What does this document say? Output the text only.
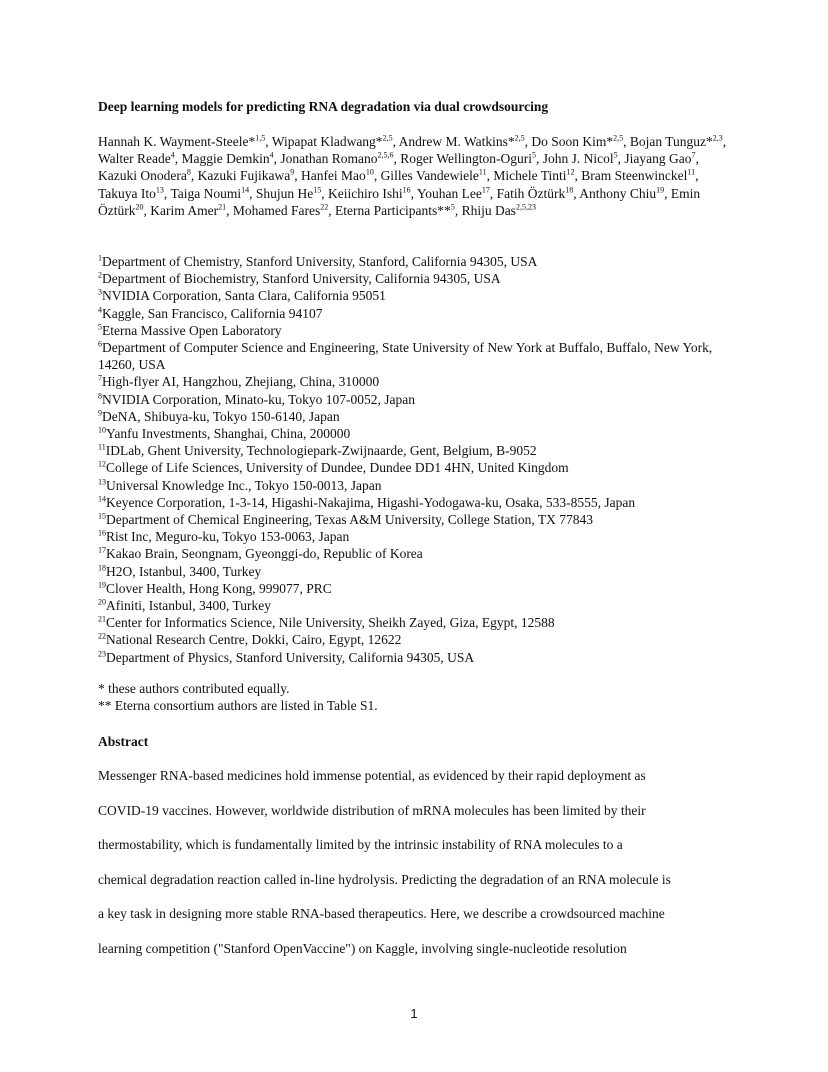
Deep learning models for predicting RNA degradation via dual crowdsourcing
Hannah K. Wayment-Steele*$^{1,5}$, Wipapat Kladwang*$^{2,5}$, Andrew M. Watkins*$^{2,5}$, Do Soon Kim*$^{2,5}$, Bojan Tunguz*$^{2,3}$, Walter Reade$^4$, Maggie Demkin$^4$, Jonathan Romano$^{2,5,6}$, Roger Wellington-Oguri$^5$, John J. Nicol$^5$, Jiayang Gao$^7$, Kazuki Onodera$^8$, Kazuki Fujikawa$^9$, Hanfei Mao$^{10}$, Gilles Vandewiele$^{11}$, Michele Tinti$^{12}$, Bram Steenwinckel$^{11}$, Takuya Ito$^{13}$, Taiga Noumi$^{14}$, Shujun He$^{15}$, Keiichiro Ishi$^{16}$, Youhan Lee$^{17}$, Fatih Öztürk$^{18}$, Anthony Chiu$^{19}$, Emin Öztürk$^{20}$, Karim Amer$^{21}$, Mohamed Fares$^{22}$, Eterna Participants**$^5$, Rhiju Das$^{2,5,23}$
$^1$Department of Chemistry, Stanford University, Stanford, California 94305, USA
$^2$Department of Biochemistry, Stanford University, California 94305, USA
$^3$NVIDIA Corporation, Santa Clara, California 95051
$^4$Kaggle, San Francisco, California 94107
$^5$Eterna Massive Open Laboratory
$^6$Department of Computer Science and Engineering, State University of New York at Buffalo, Buffalo, New York, 14260, USA
$^7$High-flyer AI, Hangzhou, Zhejiang, China, 310000
$^8$NVIDIA Corporation, Minato-ku, Tokyo 107-0052, Japan
$^9$DeNA, Shibuya-ku, Tokyo 150-6140, Japan
$^{10}$Yanfu Investments, Shanghai, China, 200000
$^{11}$IDLab, Ghent University, Technologiepark-Zwijnaarde, Gent, Belgium, B-9052
$^{12}$College of Life Sciences, University of Dundee, Dundee DD1 4HN, United Kingdom
$^{13}$Universal Knowledge Inc., Tokyo 150-0013, Japan
$^{14}$Keyence Corporation, 1-3-14, Higashi-Nakajima, Higashi-Yodogawa-ku, Osaka, 533-8555, Japan
$^{15}$Department of Chemical Engineering, Texas A&M University, College Station, TX 77843
$^{16}$Rist Inc, Meguro-ku, Tokyo 153-0063, Japan
$^{17}$Kakao Brain, Seongnam, Gyeonggi-do, Republic of Korea
$^{18}$H2O, Istanbul, 3400, Turkey
$^{19}$Clover Health, Hong Kong, 999077, PRC
$^{20}$Afiniti, Istanbul, 3400, Turkey
$^{21}$Center for Informatics Science, Nile University, Sheikh Zayed, Giza, Egypt, 12588
$^{22}$National Research Centre, Dokki, Cairo, Egypt, 12622
$^{23}$Department of Physics, Stanford University, California 94305, USA
* these authors contributed equally.
** Eterna consortium authors are listed in Table S1.
Abstract
Messenger RNA-based medicines hold immense potential, as evidenced by their rapid deployment as
COVID-19 vaccines. However, worldwide distribution of mRNA molecules has been limited by their
thermostability, which is fundamentally limited by the intrinsic instability of RNA molecules to a
chemical degradation reaction called in-line hydrolysis. Predicting the degradation of an RNA molecule is
a key task in designing more stable RNA-based therapeutics. Here, we describe a crowdsourced machine
learning competition ("Stanford OpenVaccine") on Kaggle, involving single-nucleotide resolution
1
